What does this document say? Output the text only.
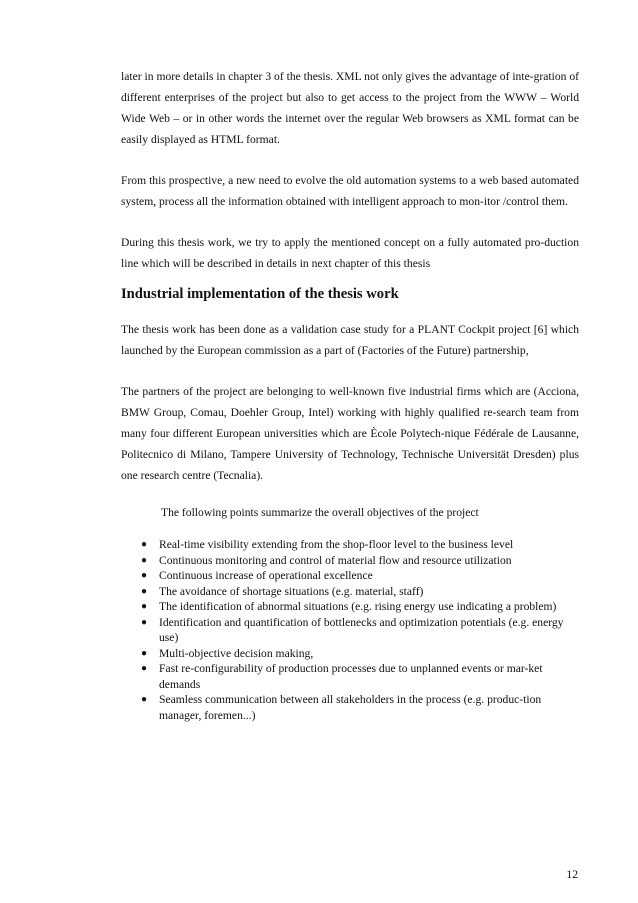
later in more details in chapter 3 of the thesis. XML not only gives the advantage of inte-gration of different enterprises of the project but also to get access to the project from the WWW – World Wide Web – or in other words the internet over the regular Web browsers as XML format can be easily displayed as HTML format.

From this prospective, a new need to evolve the old automation systems to a web based automated system, process all the information obtained with intelligent approach to mon-itor /control them.

During this thesis work, we try to apply the mentioned concept on a fully automated pro-duction line which will be described in details in next chapter of this thesis

Industrial implementation of the thesis work

The thesis work has been done as a validation case study for a PLANT Cockpit project [6] which launched by the European commission as a part of (Factories of the Future) partnership,

The partners of the project are belonging to well-known five industrial firms which are (Acciona, BMW Group, Comau, Doehler Group, Intel) working with highly qualified re-search team from many four different European universities which are Ècole Polytech-nique Fédérale de Lausanne, Politecnico di Milano, Tampere University of Technology, Technische Universität Dresden) plus one research centre (Tecnalia).

The following points summarize the overall objectives of the project

● Real-time visibility extending from the shop-floor level to the business level
● Continuous monitoring and control of material flow and resource utilization
● Continuous increase of operational excellence
● The avoidance of shortage situations (e.g. material, staff)
● The identification of abnormal situations (e.g. rising energy use indicating a problem)
● Identification and quantification of bottlenecks and optimization potentials (e.g. energy use)
● Multi-objective decision making,
● Fast re-configurability of production processes due to unplanned events or mar-ket demands
● Seamless communication between all stakeholders in the process (e.g. produc-tion manager, foremen...)
12
